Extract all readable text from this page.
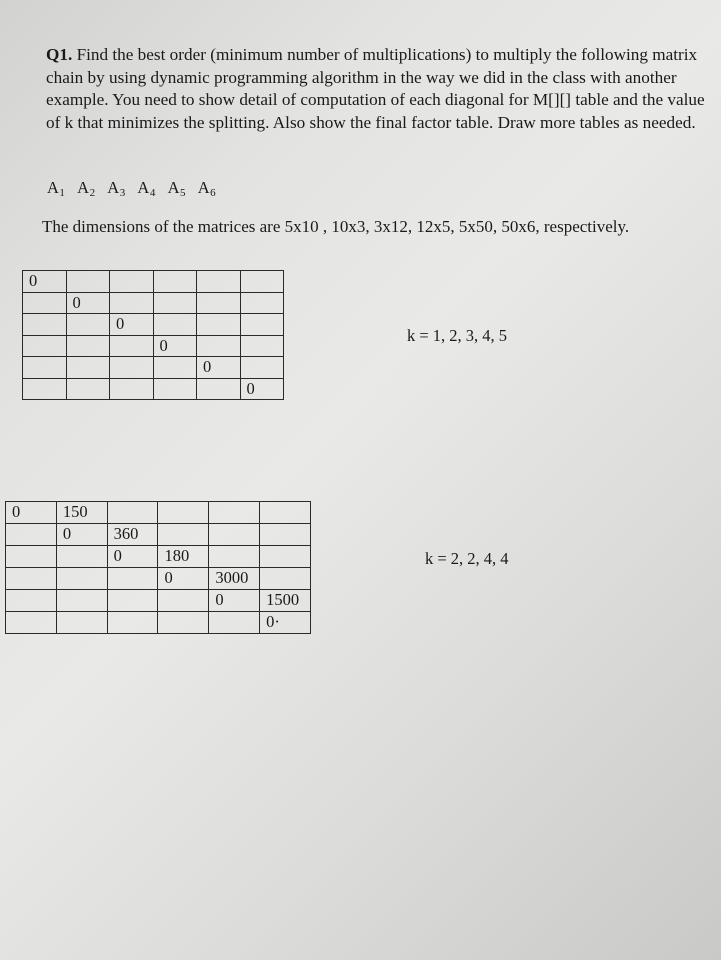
Q1. Find the best order (minimum number of multiplications) to multiply the following matrix chain by using dynamic programming algorithm in the way we did in the class with another example. You need to show detail of computation of each diagonal for M[][] table and the value of k that minimizes the splitting. Also show the final factor table. Draw more tables as needed.

$A_1$ $A_2$ $A_3$ $A_4$ $A_5$ $A_6$
The dimensions of the matrices are 5x10 , 10x3, 3x12, 12x5, 5x50, 50x6, respectively.
0					
	0				
		0			
			0		
				0	
					0
k = 1, 2, 3, 4, 5
0	150				
	0	360			
		0	180		
			0	3000	
				0	1500
					0·
k = 2, 2, 4, 4
